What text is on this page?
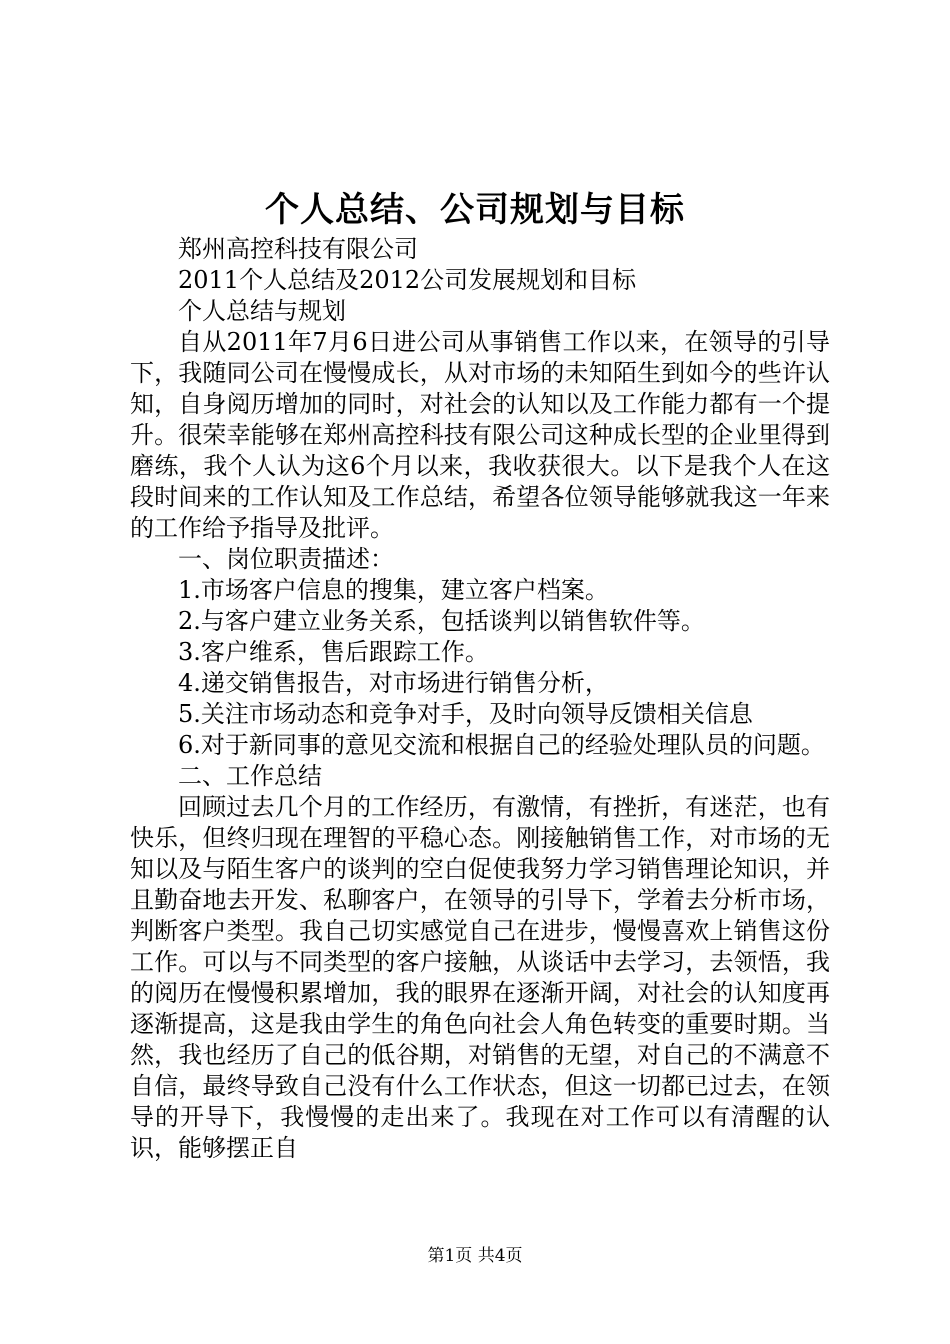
个人总结、公司规划与目标

郑州高控科技有限公司

2011个人总结及2012公司发展规划和目标

个人总结与规划

自从2011年7月6日进公司从事销售工作以来，在领导的引导下，我随同公司在慢慢成长，从对市场的未知陌生到如今的些许认知，自身阅历增加的同时，对社会的认知以及工作能力都有一个提升。很荣幸能够在郑州高控科技有限公司这种成长型的企业里得到磨练，我个人认为这6个月以来，我收获很大。以下是我个人在这段时间来的工作认知及工作总结，希望各位领导能够就我这一年来的工作给予指导及批评。

一、岗位职责描述：

1.市场客户信息的搜集，建立客户档案。

2.与客户建立业务关系，包括谈判以销售软件等。

3.客户维系，售后跟踪工作。

4.递交销售报告，对市场进行销售分析，

5.关注市场动态和竞争对手，及时向领导反馈相关信息

6.对于新同事的意见交流和根据自己的经验处理队员的问题。

二、工作总结

回顾过去几个月的工作经历，有激情，有挫折，有迷茫，也有快乐，但终归现在理智的平稳心态。刚接触销售工作，对市场的无知以及与陌生客户的谈判的空白促使我努力学习销售理论知识，并且勤奋地去开发、私聊客户，在领导的引导下，学着去分析市场，判断客户类型。我自己切实感觉自己在进步，慢慢喜欢上销售这份工作。可以与不同类型的客户接触，从谈话中去学习，去领悟，我的阅历在慢慢积累增加，我的眼界在逐渐开阔，对社会的认知度再逐渐提高，这是我由学生的角色向社会人角色转变的重要时期。当然，我也经历了自己的低谷期，对销售的无望，对自己的不满意不自信，最终导致自己没有什么工作状态，但这一切都已过去，在领导的开导下，我慢慢的走出来了。我现在对工作可以有清醒的认识，能够摆正自

第1页 共4页
